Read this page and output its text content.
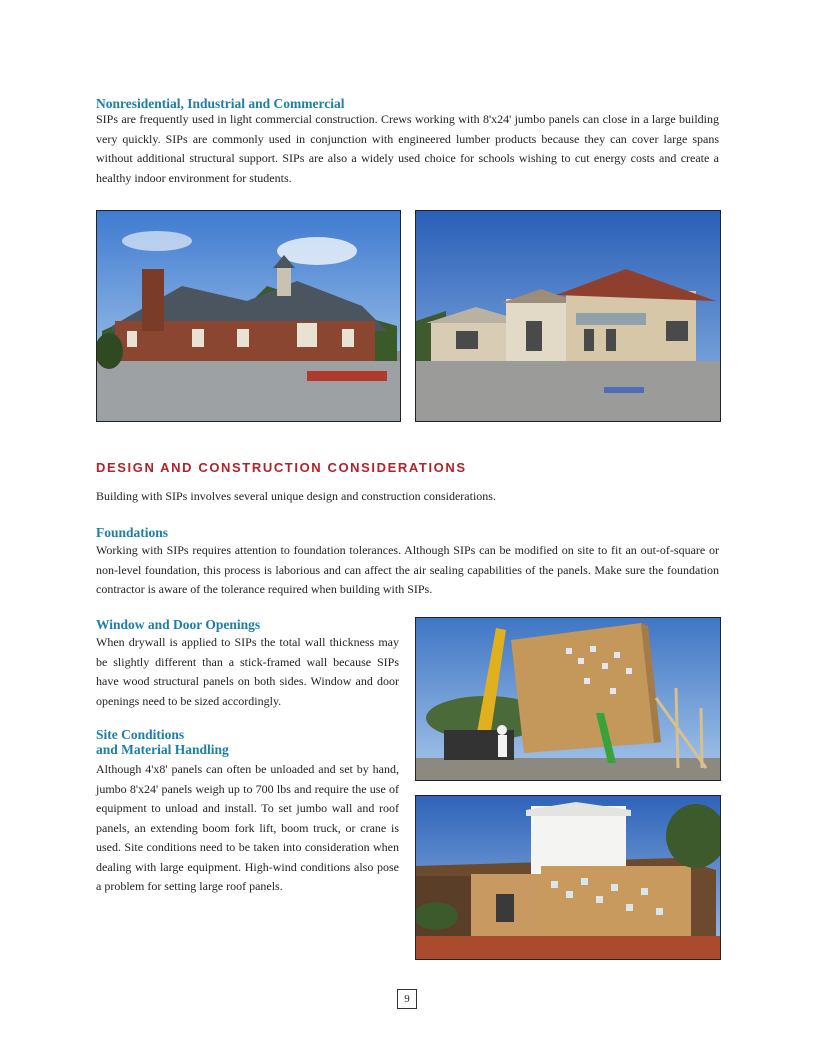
Nonresidential, Industrial and Commercial
SIPs are frequently used in light commercial construction. Crews working with 8'x24' jumbo panels can close in a large building very quickly. SIPs are commonly used in conjunction with engineered lumber products because they can cover large spans without additional structural support. SIPs are also a widely used choice for schools wishing to cut energy costs and create a healthy indoor environment for students.
DESIGN AND CONSTRUCTION CONSIDERATIONS
Building with SIPs involves several unique design and construction considerations.
Foundations
Working with SIPs requires attention to foundation tolerances. Although SIPs can be modified on site to fit an out-of-square or non-level foundation, this process is laborious and can affect the air sealing capabilities of the panels. Make sure the foundation contractor is aware of the tolerance required when building with SIPs.
Window and Door Openings
When drywall is applied to SIPs the total wall thickness may be slightly different than a stick-framed wall because SIPs have wood structural panels on both sides. Window and door openings need to be sized accordingly.
Site Conditions
and Material Handling
Although 4'x8' panels can often be unloaded and set by hand, jumbo 8'x24' panels weigh up to 700 lbs and require the use of equipment to unload and install. To set jumbo wall and roof panels, an extending boom fork lift, boom truck, or crane is used. Site conditions need to be taken into consideration when dealing with large equipment. High-wind conditions also pose a problem for setting large roof panels.
9
